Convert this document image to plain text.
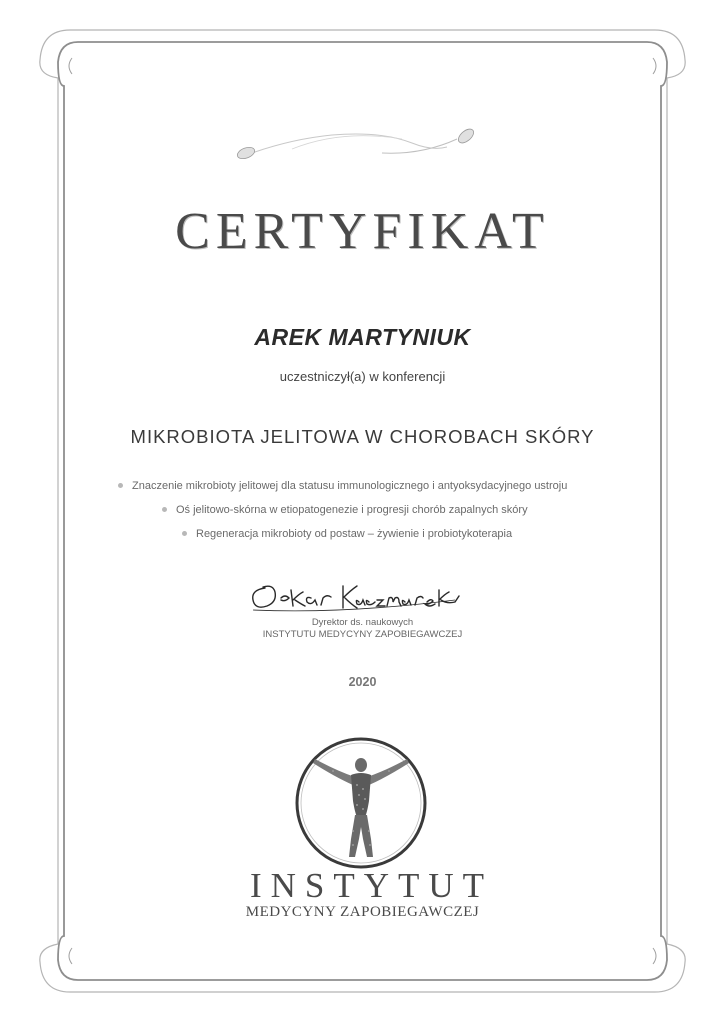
CERTYFIKAT
AREK MARTYNIUK
uczestniczył(a) w konferencji
MIKROBIOTA JELITOWA W CHOROBACH SKÓRY
Znaczenie mikrobioty jelitowej dla statusu immunologicznego i antyoksydacyjnego ustroju
Oś jelitowo-skórna w etiopatogenezie i progresji chorób zapalnych skóry
Regeneracja mikrobioty od postaw – żywienie i probiotykoterapia
Dyrektor ds. naukowych
INSTYTUTU MEDYCYNY ZAPOBIEGAWCZEJ
2020
INSTYTUT
MEDYCYNY ZAPOBIEGAWCZEJ
